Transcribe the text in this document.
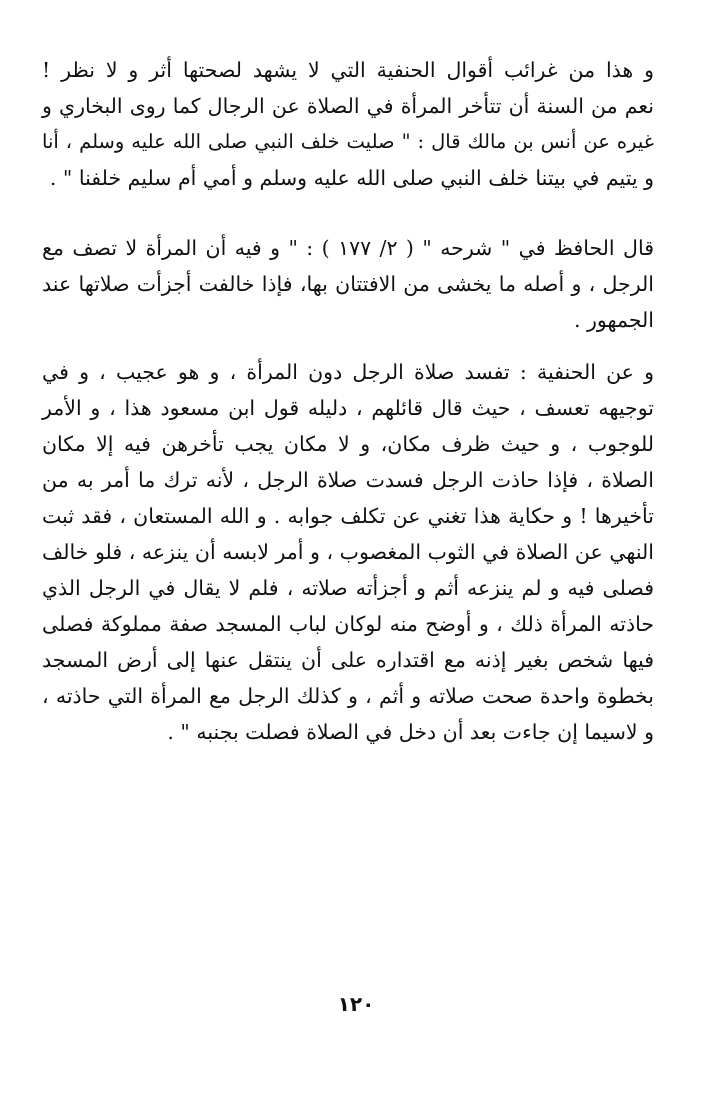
و هذا من غرائب أقوال الحنفية التي لا يشهد لصحتها أثر و لا نظر !
نعم من السنة أن تتأخر المرأة في الصلاة عن الرجال كما روى البخاري و
غيره عن أنس بن مالك قال : " صليت خلف النبي صلى الله عليه وسلم ، أنا
و يتيم في بيتنا خلف النبي صلى الله عليه وسلم و أمي أم سليم خلفنا " .
قال الحافظ في " شرحه " ( ٢/ ١٧٧ ) : " و فيه أن المرأة لا تصف مع
الرجل ، و أصله ما يخشى من الافتتان بها، فإذا خالفت أجزأت صلاتها عند
الجمهور .
و عن الحنفية : تفسد صلاة الرجل دون المرأة ، و هو عجيب ، و في
توجيهه تعسف ، حيث قال قائلهم ، دليله قول ابن مسعود هذا ، و الأمر
للوجوب ، و حيث ظرف مكان، و لا مكان يجب تأخرهن فيه إلا مكان
الصلاة ، فإذا حاذت الرجل فسدت صلاة الرجل ، لأنه ترك ما أمر به من
تأخيرها ! و حكاية هذا تغني عن تكلف جوابه . و الله المستعان ، فقد ثبت
النهي عن الصلاة في الثوب المغصوب ، و أمر لابسه أن ينزعه ، فلو خالف
فصلى فيه و لم ينزعه أثم و أجزأته صلاته ، فلم لا يقال في الرجل الذي
حاذته المرأة ذلك ، و أوضح منه لوكان لباب المسجد صفة مملوكة فصلى
فيها شخص بغير إذنه مع اقتداره على أن ينتقل عنها إلى أرض المسجد
بخطوة واحدة صحت صلاته و أثم ، و كذلك الرجل مع المرأة التي حاذته ،
و لاسيما إن جاءت بعد أن دخل في الصلاة فصلت بجنبه " .
١٢٠
